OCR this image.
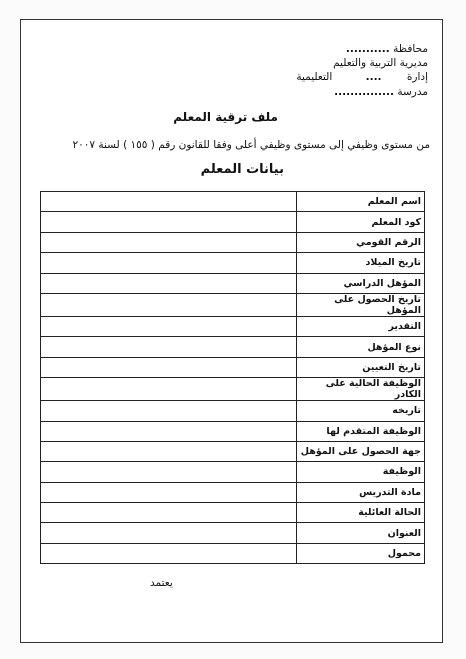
محافظة ...........
مديرية التربية والتعليم
إدارة .... التعليمية
مدرسة ...............
ملف ترقية المعلم
من مستوى وظيفي إلى مستوى وظيفي أعلى وفقا للقانون رقم ( ١٥٥ ) لسنة ٢٠٠٧
بيانات المعلم
اسم المعلم	
كود المعلم	
الرقم القومي	
تاريخ الميلاد	
المؤهل الدراسي	
تاريخ الحصول على المؤهل	
التقدير	
نوع المؤهل	
تاريخ التعيين	
الوظيفة الحالية على الكادر	
تاريخه	
الوظيفة المتقدم لها	
جهة الحصول على المؤهل	
الوظيفة	
مادة التدريس	
الحالة العائلية	
العنوان	
محمول	
يعتمد
